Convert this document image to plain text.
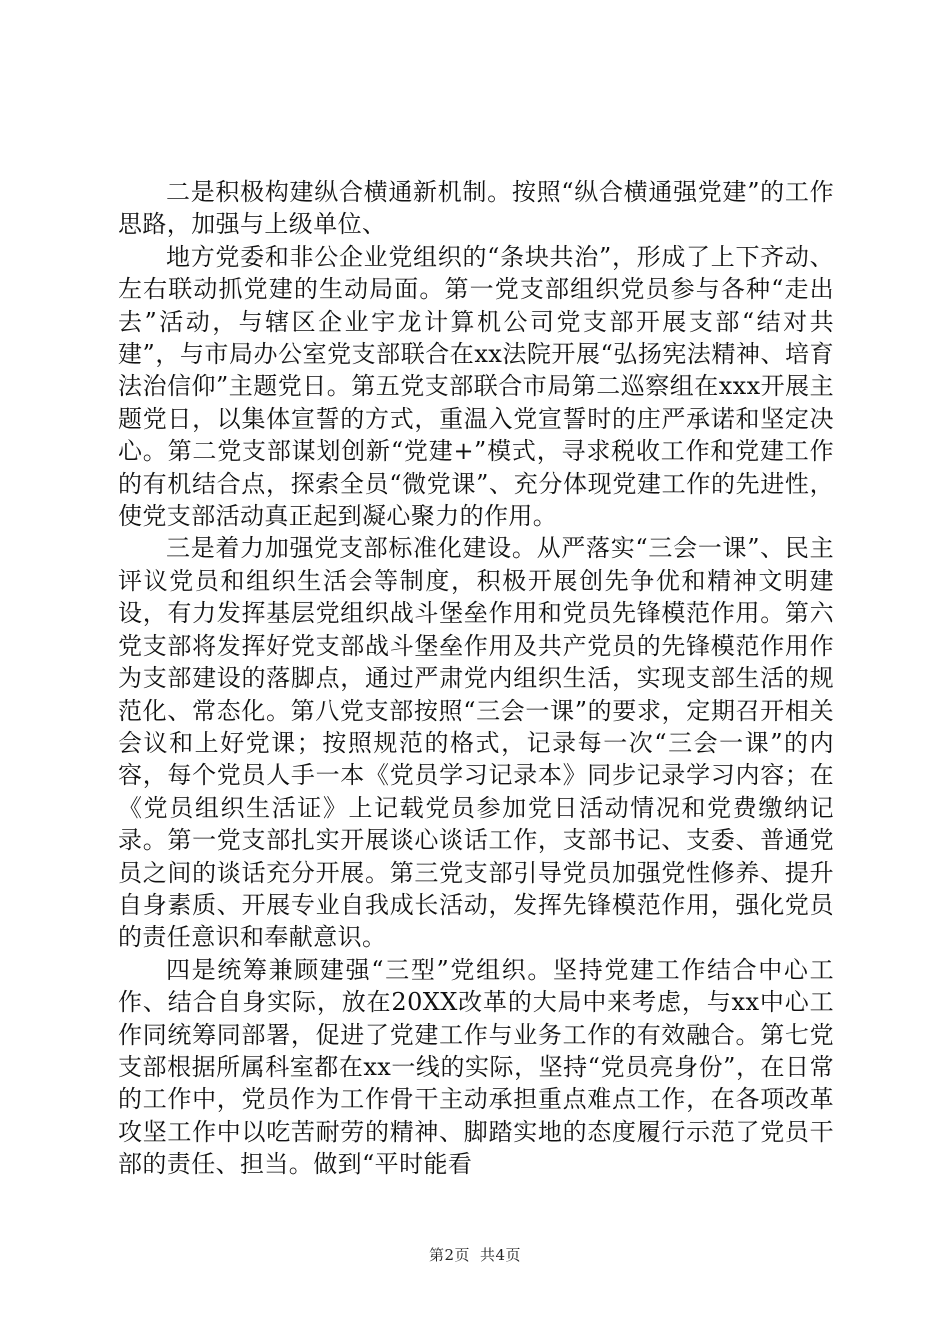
二是积极构建纵合横通新机制。按照“纵合横通强党建”的工作思路，加强与上级单位、

地方党委和非公企业党组织的“条块共治”，形成了上下齐动、左右联动抓党建的生动局面。第一党支部组织党员参与各种“走出去”活动，与辖区企业宇龙计算机公司党支部开展支部“结对共建”，与市局办公室党支部联合在xx法院开展“弘扬宪法精神、培育法治信仰”主题党日。第五党支部联合市局第二巡察组在xxx开展主题党日，以集体宣誓的方式，重温入党宣誓时的庄严承诺和坚定决心。第二党支部谋划创新“党建+”模式，寻求税收工作和党建工作的有机结合点，探索全员“微党课”、充分体现党建工作的先进性，使党支部活动真正起到凝心聚力的作用。

三是着力加强党支部标准化建设。从严落实“三会一课”、民主评议党员和组织生活会等制度，积极开展创先争优和精神文明建设，有力发挥基层党组织战斗堡垒作用和党员先锋模范作用。第六党支部将发挥好党支部战斗堡垒作用及共产党员的先锋模范作用作为支部建设的落脚点，通过严肃党内组织生活，实现支部生活的规范化、常态化。第八党支部按照“三会一课”的要求，定期召开相关会议和上好党课；按照规范的格式，记录每一次“三会一课”的内容，每个党员人手一本《党员学习记录本》同步记录学习内容；在《党员组织生活证》上记载党员参加党日活动情况和党费缴纳记录。第一党支部扎实开展谈心谈话工作，支部书记、支委、普通党员之间的谈话充分开展。第三党支部引导党员加强党性修养、提升自身素质、开展专业自我成长活动，发挥先锋模范作用，强化党员的责任意识和奉献意识。

四是统筹兼顾建强“三型”党组织。坚持党建工作结合中心工作、结合自身实际，放在20XX改革的大局中来考虑，与xx中心工作同统筹同部署，促进了党建工作与业务工作的有效融合。第七党支部根据所属科室都在xx一线的实际，坚持“党员亮身份”，在日常的工作中，党员作为工作骨干主动承担重点难点工作，在各项改革攻坚工作中以吃苦耐劳的精神、脚踏实地的态度履行示范了党员干部的责任、担当。做到“平时能看

第2页 共4页
